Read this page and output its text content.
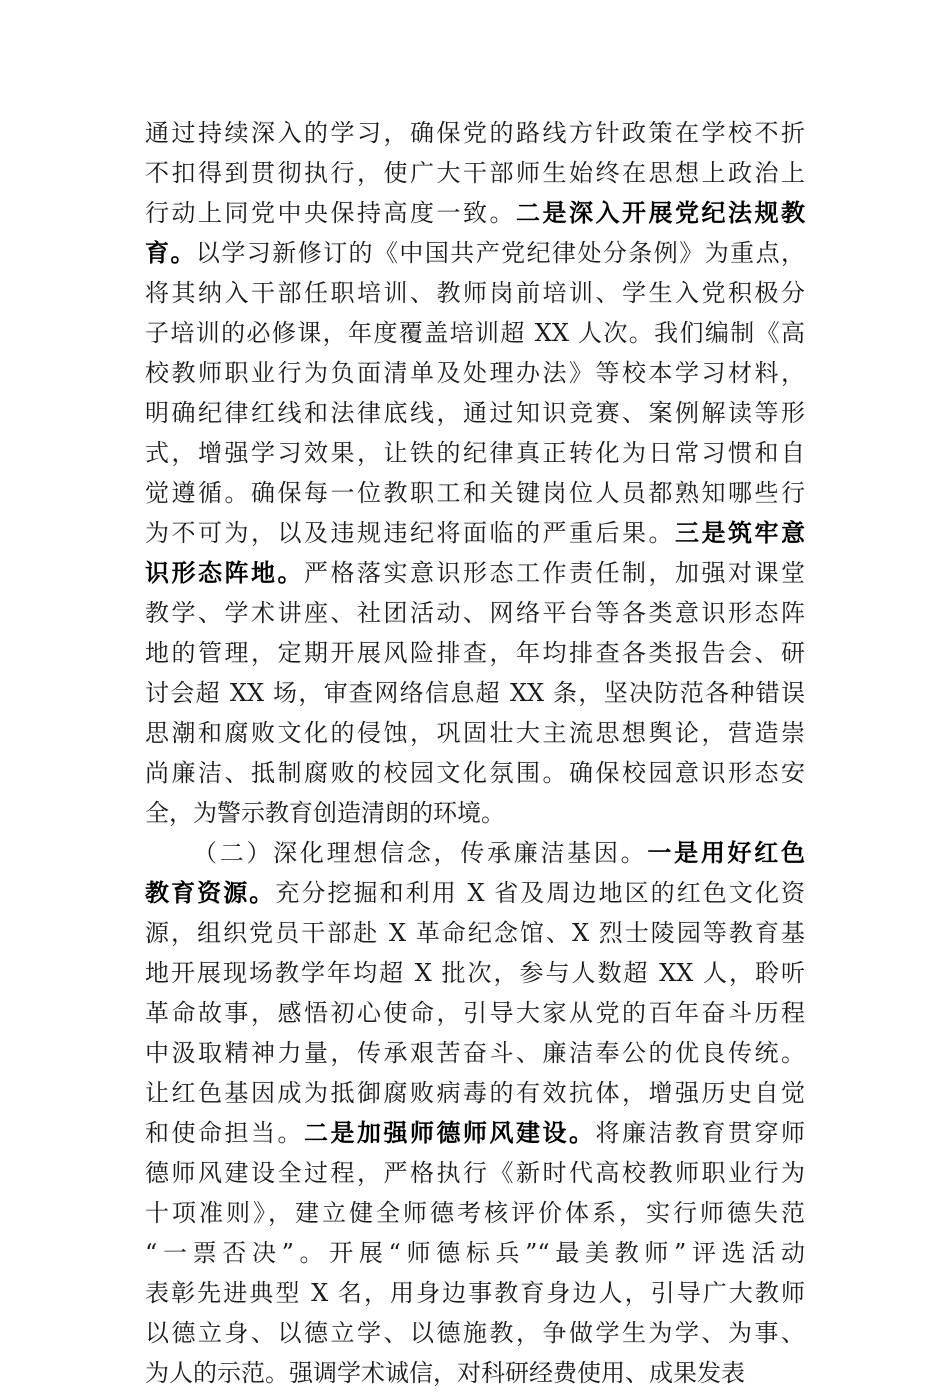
通过持续深入的学习，确保党的路线方针政策在学校不折
不扣得到贯彻执行，使广大干部师生始终在思想上政治上
行动上同党中央保持高度一致。二是深入开展党纪法规教
育。以学习新修订的《中国共产党纪律处分条例》为重点，
将其纳入干部任职培训、教师岗前培训、学生入党积极分
子培训的必修课，年度覆盖培训超 XX 人次。我们编制《高
校教师职业行为负面清单及处理办法》等校本学习材料，
明确纪律红线和法律底线，通过知识竞赛、案例解读等形
式，增强学习效果，让铁的纪律真正转化为日常习惯和自
觉遵循。确保每一位教职工和关键岗位人员都熟知哪些行
为不可为，以及违规违纪将面临的严重后果。三是筑牢意
识形态阵地。严格落实意识形态工作责任制，加强对课堂
教学、学术讲座、社团活动、网络平台等各类意识形态阵
地的管理，定期开展风险排查，年均排查各类报告会、研
讨会超 XX 场，审查网络信息超 XX 条，坚决防范各种错误
思潮和腐败文化的侵蚀，巩固壮大主流思想舆论，营造崇
尚廉洁、抵制腐败的校园文化氛围。确保校园意识形态安
全，为警示教育创造清朗的环境。
（二）深化理想信念，传承廉洁基因。一是用好红色
教育资源。充分挖掘和利用 X 省及周边地区的红色文化资
源，组织党员干部赴 X 革命纪念馆、X 烈士陵园等教育基
地开展现场教学年均超 X 批次，参与人数超 XX 人，聆听
革命故事，感悟初心使命，引导大家从党的百年奋斗历程
中汲取精神力量，传承艰苦奋斗、廉洁奉公的优良传统。
让红色基因成为抵御腐败病毒的有效抗体，增强历史自觉
和使命担当。二是加强师德师风建设。将廉洁教育贯穿师
德师风建设全过程，严格执行《新时代高校教师职业行为
十项准则》，建立健全师德考核评价体系，实行师德失范
“一票否决”。开展“师德标兵”“最美教师”评选活动
表彰先进典型 X 名，用身边事教育身边人，引导广大教师
以德立身、以德立学、以德施教，争做学生为学、为事、
为人的示范。强调学术诚信，对科研经费使用、成果发表
